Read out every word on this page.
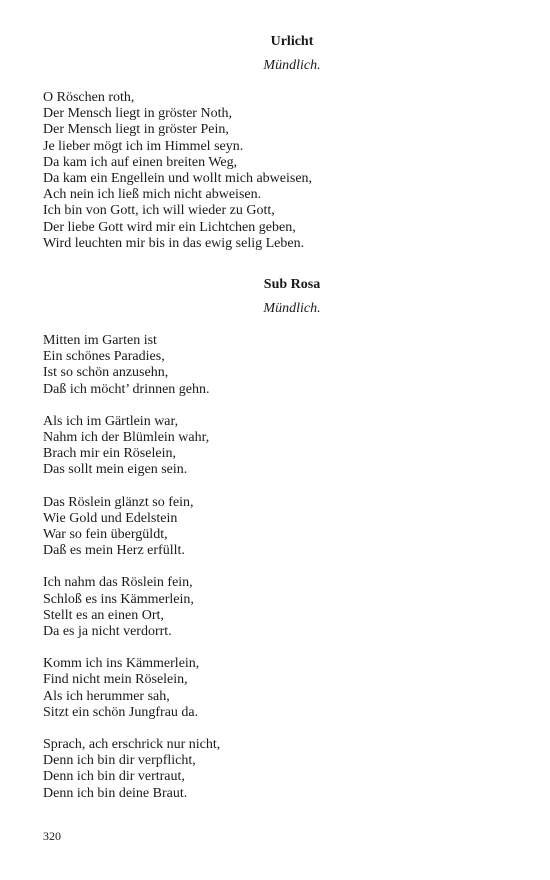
Urlicht

Mündlich.

O Röschen roth,
Der Mensch liegt in gröster Noth,
Der Mensch liegt in gröster Pein,
Je lieber mögt ich im Himmel seyn.
Da kam ich auf einen breiten Weg,
Da kam ein Engellein und wollt mich abweisen,
Ach nein ich ließ mich nicht abweisen.
Ich bin von Gott, ich will wieder zu Gott,
Der liebe Gott wird mir ein Lichtchen geben,
Wird leuchten mir bis in das ewig selig Leben.
Sub Rosa

Mündlich.

Mitten im Garten ist
Ein schönes Paradies,
Ist so schön anzusehn,
Daß ich möcht’ drinnen gehn.
Als ich im Gärtlein war,
Nahm ich der Blümlein wahr,
Brach mir ein Röselein,
Das sollt mein eigen sein.
Das Röslein glänzt so fein,
Wie Gold und Edelstein
War so fein übergüldt,
Daß es mein Herz erfüllt.
Ich nahm das Röslein fein,
Schloß es ins Kämmerlein,
Stellt es an einen Ort,
Da es ja nicht verdorrt.
Komm ich ins Kämmerlein,
Find nicht mein Röselein,
Als ich herummer sah,
Sitzt ein schön Jungfrau da.
Sprach, ach erschrick nur nicht,
Denn ich bin dir verpflicht,
Denn ich bin dir vertraut,
Denn ich bin deine Braut.
320
